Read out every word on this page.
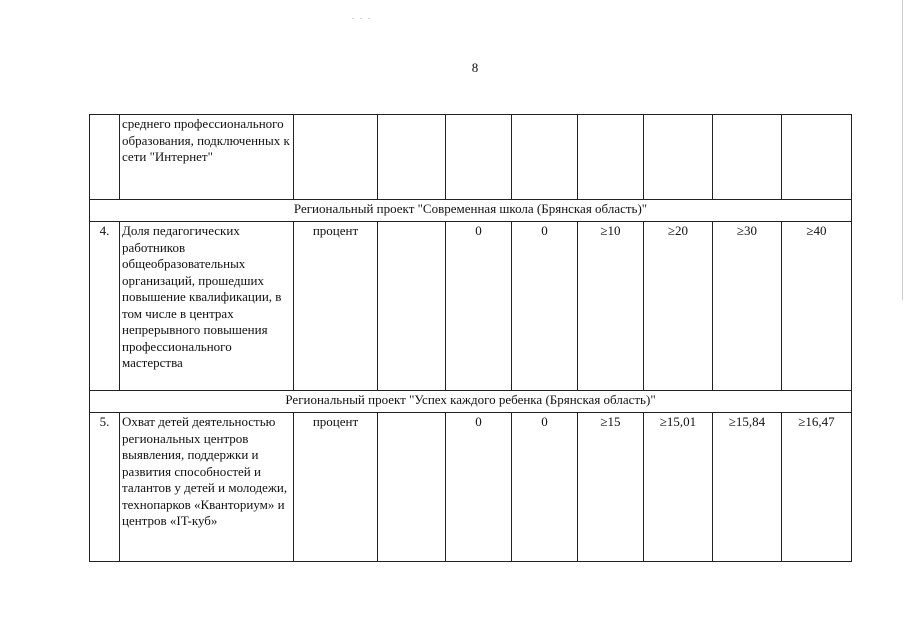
. . .
8
	среднего профессионального образования, подключенных к сети "Интернет"								
Региональный проект "Современная школа (Брянская область)"									
4.	Доля педагогических работников общеобразовательных организаций, прошедших повышение квалификации, в том числе в центрах непрерывного повышения профессионального мастерства	процент		0	0	≥10	≥20	≥30	≥40
Региональный проект "Успех каждого ребенка (Брянская область)"									
5.	Охват детей деятельностью региональных центров выявления, поддержки и развития способностей и талантов у детей и молодежи, технопарков «Кванториум» и центров «IT-куб»	процент		0	0	≥15	≥15,01	≥15,84	≥16,47
